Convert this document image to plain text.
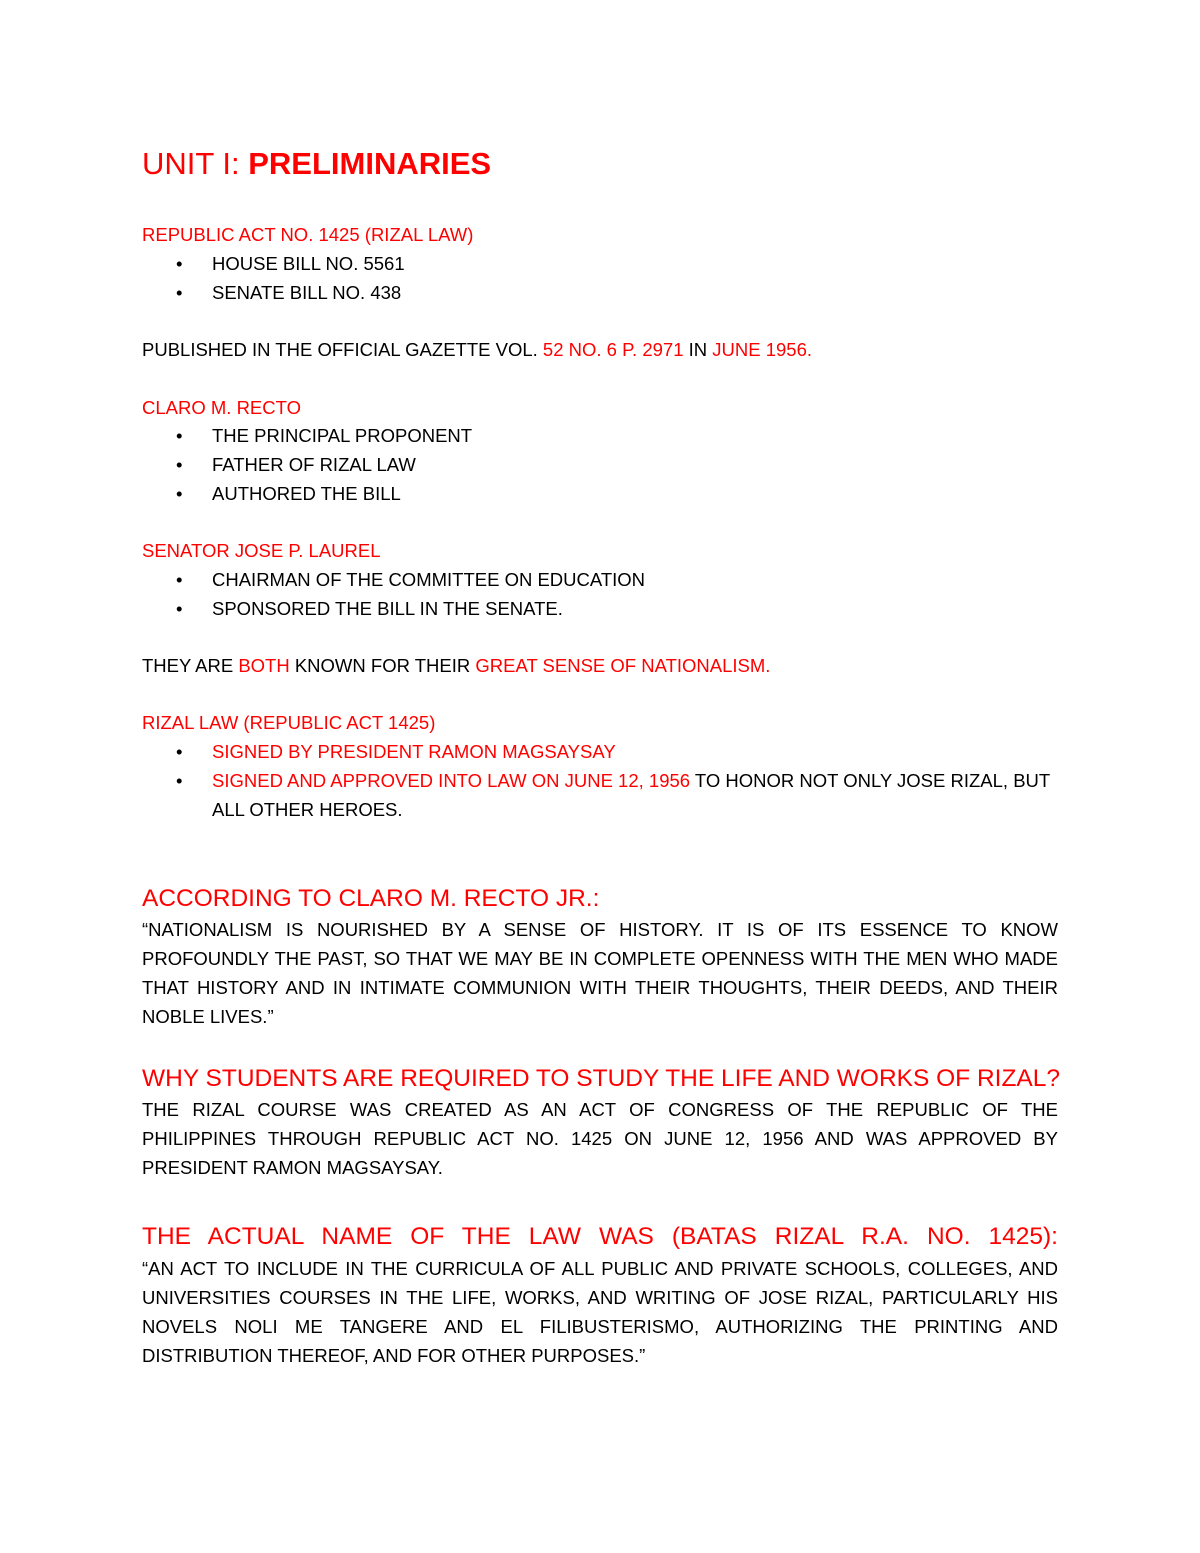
UNIT I: PRELIMINARIES
REPUBLIC ACT NO. 1425 (RIZAL LAW)
• HOUSE BILL NO. 5561
• SENATE BILL NO. 438
PUBLISHED IN THE OFFICIAL GAZETTE VOL. 52 NO. 6 P. 2971 IN JUNE 1956.
CLARO M. RECTO
• THE PRINCIPAL PROPONENT
• FATHER OF RIZAL LAW
• AUTHORED THE BILL
SENATOR JOSE P. LAUREL
• CHAIRMAN OF THE COMMITTEE ON EDUCATION
• SPONSORED THE BILL IN THE SENATE.
THEY ARE BOTH KNOWN FOR THEIR GREAT SENSE OF NATIONALISM.
RIZAL LAW (REPUBLIC ACT 1425)
• SIGNED BY PRESIDENT RAMON MAGSAYSAY
• SIGNED AND APPROVED INTO LAW ON JUNE 12, 1956 TO HONOR NOT ONLY JOSE RIZAL, BUT ALL OTHER HEROES.
ACCORDING TO CLARO M. RECTO JR.:
“NATIONALISM IS NOURISHED BY A SENSE OF HISTORY. IT IS OF ITS ESSENCE TO KNOW PROFOUNDLY THE PAST, SO THAT WE MAY BE IN COMPLETE OPENNESS WITH THE MEN WHO MADE THAT HISTORY AND IN INTIMATE COMMUNION WITH THEIR THOUGHTS, THEIR DEEDS, AND THEIR NOBLE LIVES.”
WHY STUDENTS ARE REQUIRED TO STUDY THE LIFE AND WORKS OF RIZAL?
THE RIZAL COURSE WAS CREATED AS AN ACT OF CONGRESS OF THE REPUBLIC OF THE PHILIPPINES THROUGH REPUBLIC ACT NO. 1425 ON JUNE 12, 1956 AND WAS APPROVED BY PRESIDENT RAMON MAGSAYSAY.
THE ACTUAL NAME OF THE LAW WAS (BATAS RIZAL R.A. NO. 1425):
“AN ACT TO INCLUDE IN THE CURRICULA OF ALL PUBLIC AND PRIVATE SCHOOLS, COLLEGES, AND UNIVERSITIES COURSES IN THE LIFE, WORKS, AND WRITING OF JOSE RIZAL, PARTICULARLY HIS NOVELS NOLI ME TANGERE AND EL FILIBUSTERISMO, AUTHORIZING THE PRINTING AND DISTRIBUTION THEREOF, AND FOR OTHER PURPOSES.”
